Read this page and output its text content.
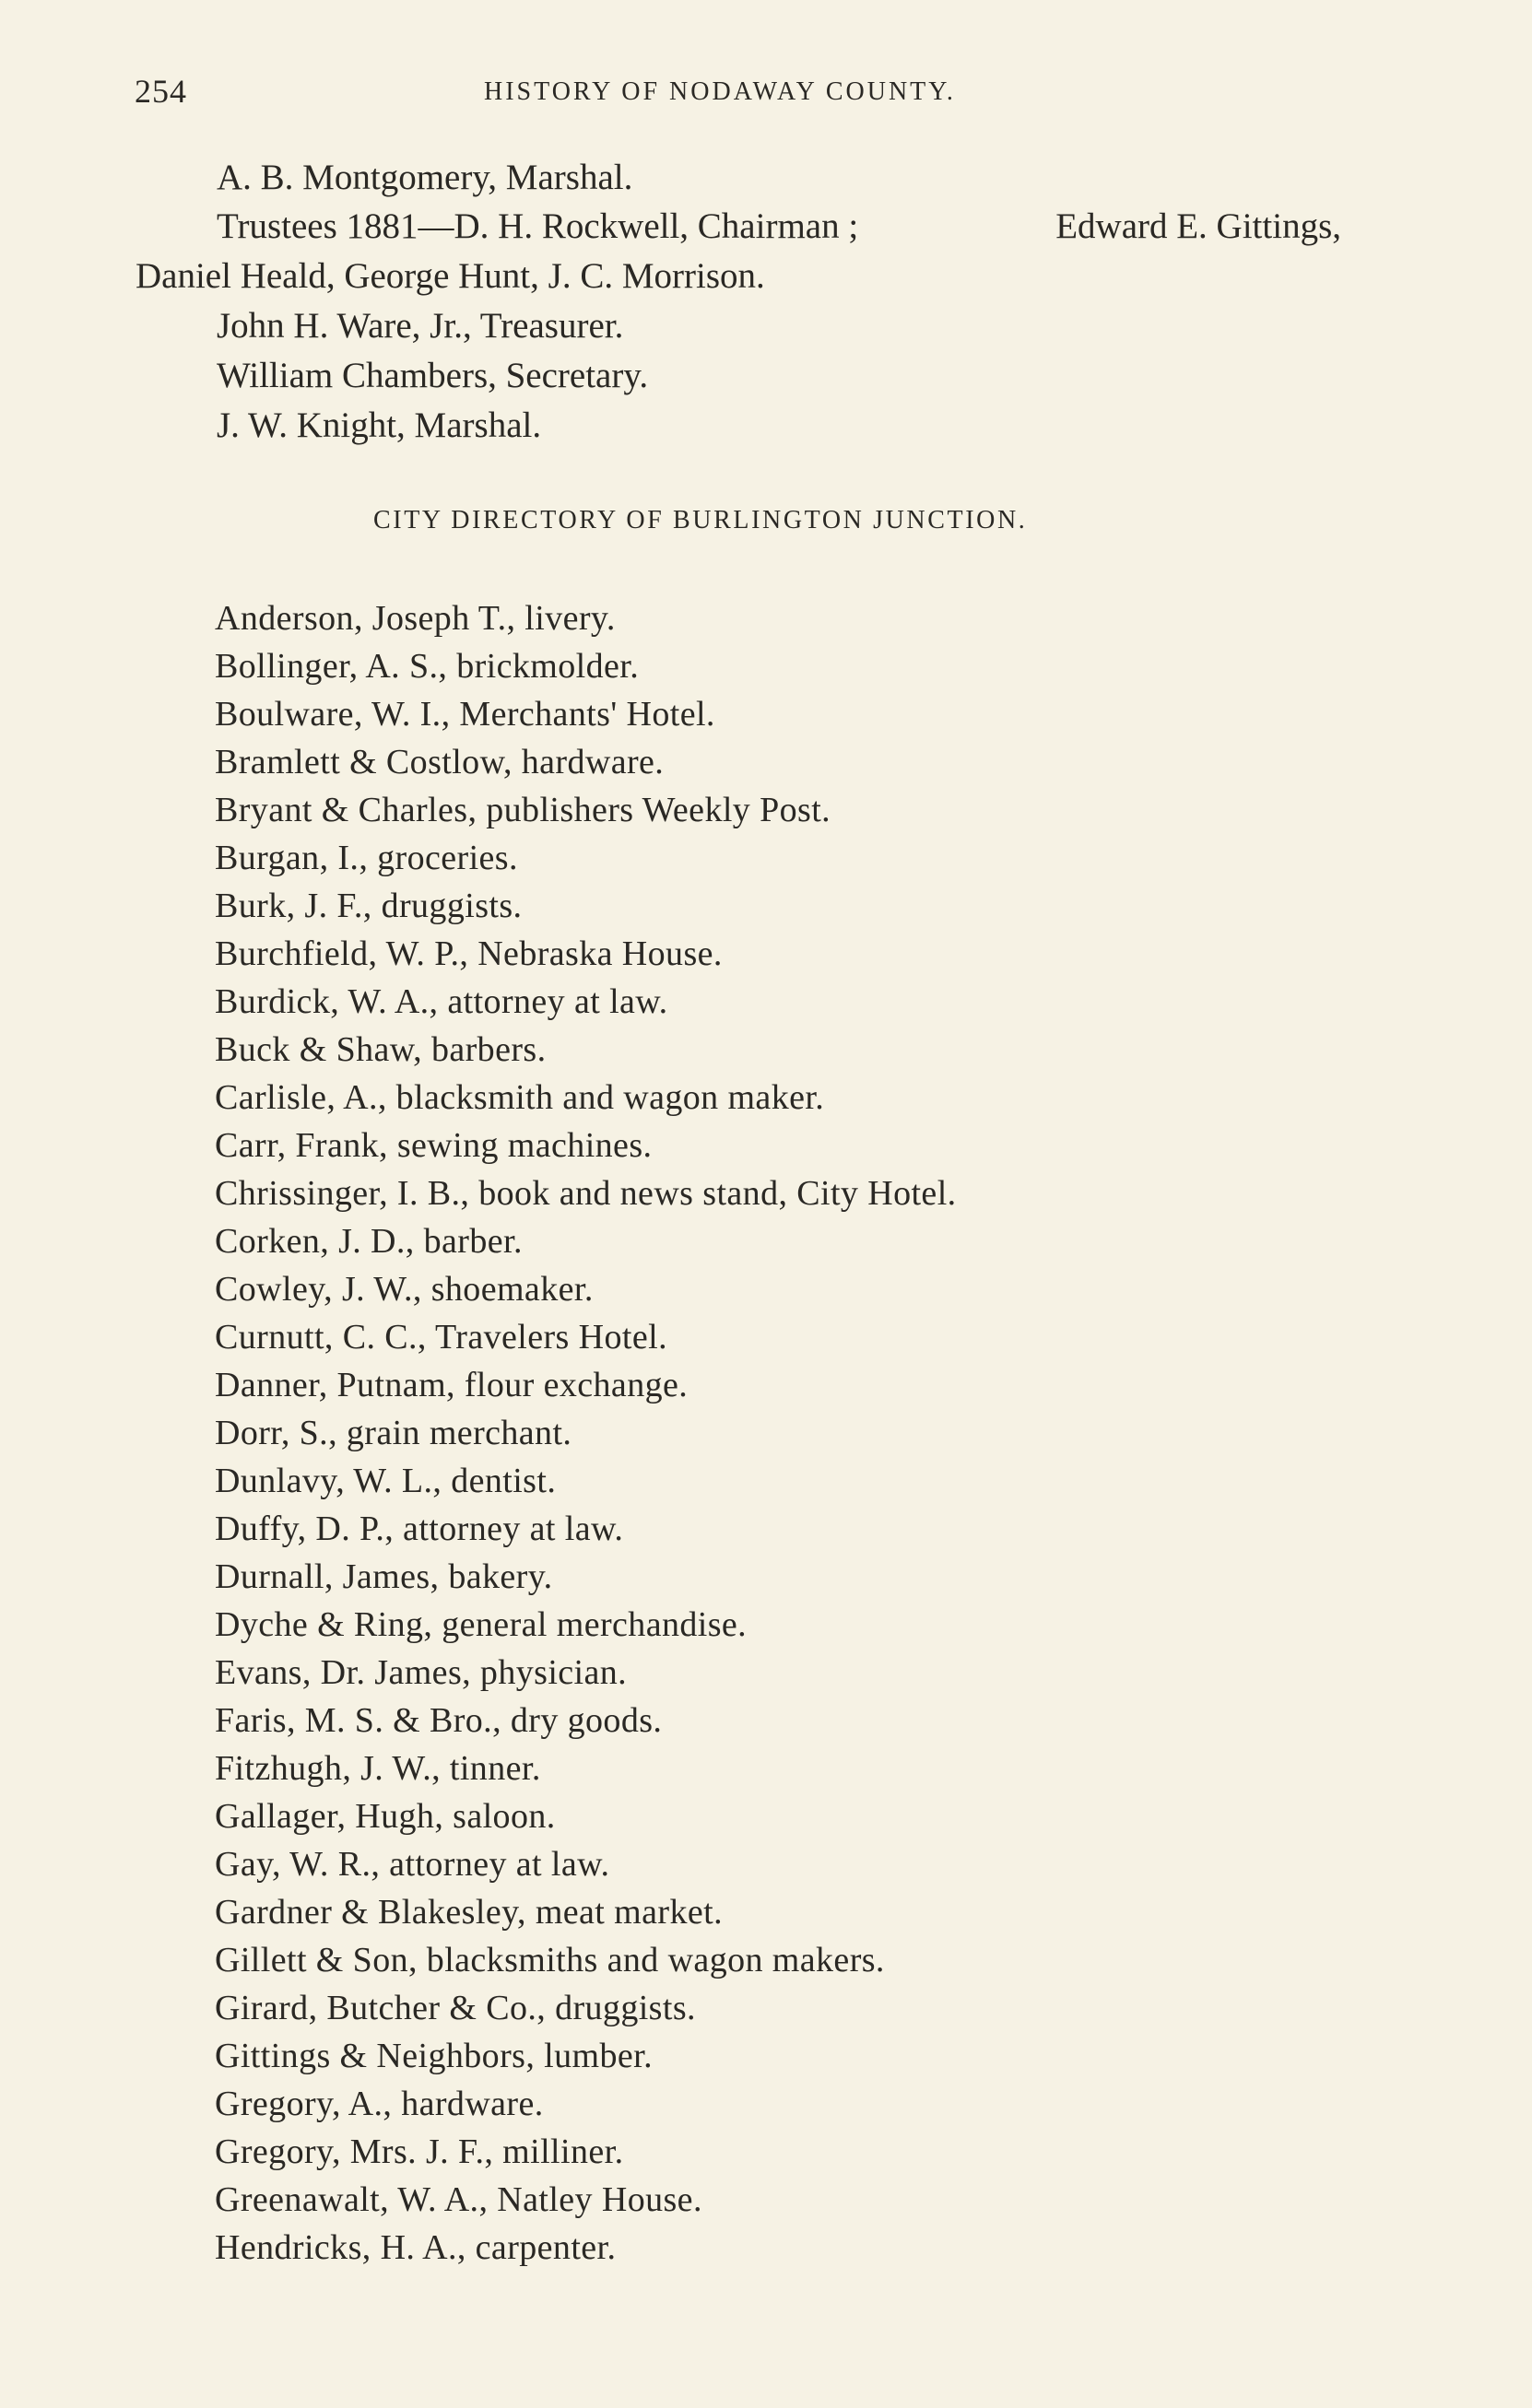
254	HISTORY OF NODAWAY COUNTY.
A. B. Montgomery, Marshal.
Trustees 1881—D. H. Rockwell, Chairman ;	Edward E. Gittings,
Daniel Heald, George Hunt, J. C. Morrison.
John H. Ware, Jr., Treasurer.
William Chambers, Secretary.
J. W. Knight, Marshal.
CITY DIRECTORY OF BURLINGTON JUNCTION.
Anderson, Joseph T., livery.
Bollinger, A. S., brickmolder.
Boulware, W. I., Merchants' Hotel.
Bramlett & Costlow, hardware.
Bryant & Charles, publishers Weekly Post.
Burgan, I., groceries.
Burk, J. F., druggists.
Burchfield, W. P., Nebraska House.
Burdick, W. A., attorney at law.
Buck & Shaw, barbers.
Carlisle, A., blacksmith and wagon maker.
Carr, Frank, sewing machines.
Chrissinger, I. B., book and news stand, City Hotel.
Corken, J. D., barber.
Cowley, J. W., shoemaker.
Curnutt, C. C., Travelers Hotel.
Danner, Putnam, flour exchange.
Dorr, S., grain merchant.
Dunlavy, W. L., dentist.
Duffy, D. P., attorney at law.
Durnall, James, bakery.
Dyche & Ring, general merchandise.
Evans, Dr. James, physician.
Faris, M. S. & Bro., dry goods.
Fitzhugh, J. W., tinner.
Gallager, Hugh, saloon.
Gay, W. R., attorney at law.
Gardner & Blakesley, meat market.
Gillett & Son, blacksmiths and wagon makers.
Girard, Butcher & Co., druggists.
Gittings & Neighbors, lumber.
Gregory, A., hardware.
Gregory, Mrs. J. F., milliner.
Greenawalt, W. A., Natley House.
Hendricks, H. A., carpenter.
